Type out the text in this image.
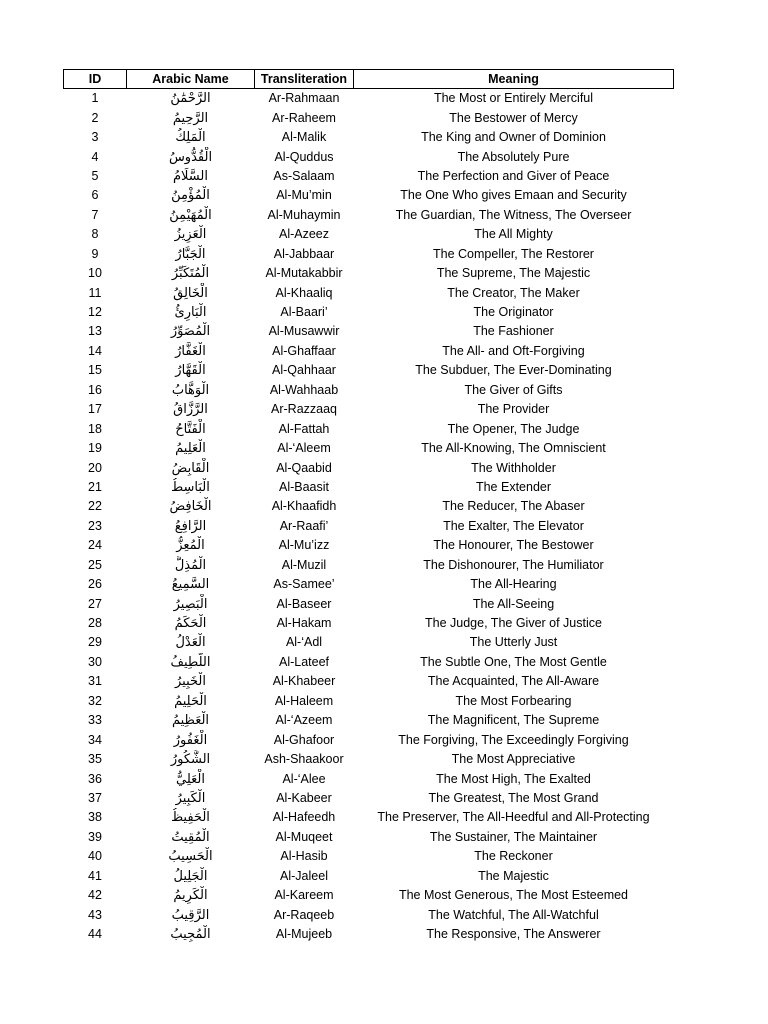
ID	Arabic Name	Transliteration	Meaning
1	الرَّحْمَٰنُ	Ar-Rahmaan	The Most or Entirely Merciful
2	الرَّحِيمُ	Ar-Raheem	The Bestower of Mercy
3	الْمَلِكُ	Al-Malik	The King and Owner of Dominion
4	الْقُدُّوسُ	Al-Quddus	The Absolutely Pure
5	السَّلَامُ	As-Salaam	The Perfection and Giver of Peace
6	الْمُؤْمِنُ	Al-Mu’min	The One Who gives Emaan and Security
7	الْمُهَيْمِنُ	Al-Muhaymin	The Guardian, The Witness, The Overseer
8	الْعَزِيزُ	Al-Azeez	The All Mighty
9	الْجَبَّارُ	Al-Jabbaar	The Compeller, The Restorer
10	الْمُتَكَبِّرُ	Al-Mutakabbir	The Supreme, The Majestic
11	الْخَالِقُ	Al-Khaaliq	The Creator, The Maker
12	الْبَارِئُ	Al-Baari’	The Originator
13	الْمُصَوِّرُ	Al-Musawwir	The Fashioner
14	الْغَفَّارُ	Al-Ghaffaar	The All- and Oft-Forgiving
15	الْقَهَّارُ	Al-Qahhaar	The Subduer, The Ever-Dominating
16	الْوَهَّابُ	Al-Wahhaab	The Giver of Gifts
17	الرَّزَّاقُ	Ar-Razzaaq	The Provider
18	الْفَتَّاحُ	Al-Fattah	The Opener, The Judge
19	الْعَلِيمُ	Al-‘Aleem	The All-Knowing, The Omniscient
20	الْقَابِضُ	Al-Qaabid	The Withholder
21	الْبَاسِطُ	Al-Baasit	The Extender
22	الْخَافِضُ	Al-Khaafidh	The Reducer, The Abaser
23	الرَّافِعُ	Ar-Raafi’	The Exalter, The Elevator
24	الْمُعِزُّ	Al-Mu’izz	The Honourer, The Bestower
25	الْمُذِلُّ	Al-Muzil	The Dishonourer, The Humiliator
26	السَّمِيعُ	As-Samee’	The All-Hearing
27	الْبَصِيرُ	Al-Baseer	The All-Seeing
28	الْحَكَمُ	Al-Hakam	The Judge, The Giver of Justice
29	الْعَدْلُ	Al-‘Adl	The Utterly Just
30	اللَّطِيفُ	Al-Lateef	The Subtle One, The Most Gentle
31	الْخَبِيرُ	Al-Khabeer	The Acquainted, The All-Aware
32	الْحَلِيمُ	Al-Haleem	The Most Forbearing
33	الْعَظِيمُ	Al-‘Azeem	The Magnificent, The Supreme
34	الْغَفُورُ	Al-Ghafoor	The Forgiving, The Exceedingly Forgiving
35	الشَّكُورُ	Ash-Shaakoor	The Most Appreciative
36	الْعَلِيُّ	Al-‘Alee	The Most High, The Exalted
37	الْكَبِيرُ	Al-Kabeer	The Greatest, The Most Grand
38	الْحَفِيظُ	Al-Hafeedh	The Preserver, The All-Heedful and All-Protecting
39	الْمُقِيتُ	Al-Muqeet	The Sustainer, The Maintainer
40	الْحَسِيبُ	Al-Hasib	The Reckoner
41	الْجَلِيلُ	Al-Jaleel	The Majestic
42	الْكَرِيمُ	Al-Kareem	The Most Generous, The Most Esteemed
43	الرَّقِيبُ	Ar-Raqeeb	The Watchful, The All-Watchful
44	الْمُجِيبُ	Al-Mujeeb	The Responsive, The Answerer
